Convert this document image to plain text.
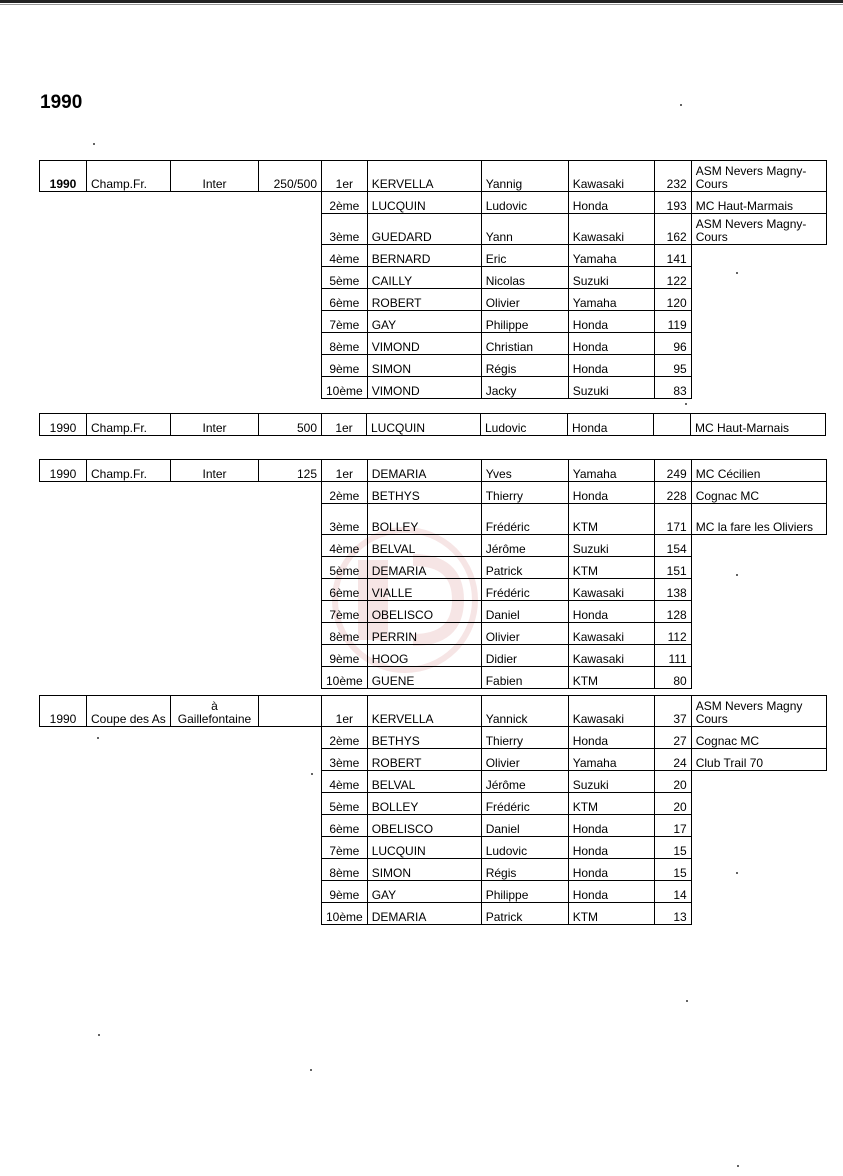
1990
1990	Champ.Fr.	Inter	250/500	1er	KERVELLA	Yannig	Kawasaki	232	ASM Nevers Magny-Cours
				2ème	LUCQUIN	Ludovic	Honda	193	MC Haut-Marmais
				3ème	GUEDARD	Yann	Kawasaki	162	ASM Nevers Magny-Cours
				4ème	BERNARD	Eric	Yamaha	141	
				5ème	CAILLY	Nicolas	Suzuki	122	
				6ème	ROBERT	Olivier	Yamaha	120	
				7ème	GAY	Philippe	Honda	119	
				8ème	VIMOND	Christian	Honda	96	
				9ème	SIMON	Régis	Honda	95	
				10ème	VIMOND	Jacky	Suzuki	83	
1990	Champ.Fr.	Inter	500	1er	LUCQUIN	Ludovic	Honda		MC Haut-Marnais
1990	Champ.Fr.	Inter	125	1er	DEMARIA	Yves	Yamaha	249	MC Cécilien
				2ème	BETHYS	Thierry	Honda	228	Cognac MC
				3ème	BOLLEY	Frédéric	KTM	171	MC la fare les Oliviers
				4ème	BELVAL	Jérôme	Suzuki	154	
				5ème	DEMARIA	Patrick	KTM	151	
				6ème	VIALLE	Frédéric	Kawasaki	138	
				7ème	OBELISCO	Daniel	Honda	128	
				8ème	PERRIN	Olivier	Kawasaki	112	
				9ème	HOOG	Didier	Kawasaki	111	
				10ème	GUENE	Fabien	KTM	80	
1990	Coupe des As	à Gaillefontaine		1er	KERVELLA	Yannick	Kawasaki	37	ASM Nevers Magny Cours
				2ème	BETHYS	Thierry	Honda	27	Cognac MC
				3ème	ROBERT	Olivier	Yamaha	24	Club Trail 70
				4ème	BELVAL	Jérôme	Suzuki	20	
				5ème	BOLLEY	Frédéric	KTM	20	
				6ème	OBELISCO	Daniel	Honda	17	
				7ème	LUCQUIN	Ludovic	Honda	15	
				8ème	SIMON	Régis	Honda	15	
				9ème	GAY	Philippe	Honda	14	
				10ème	DEMARIA	Patrick	KTM	13	
